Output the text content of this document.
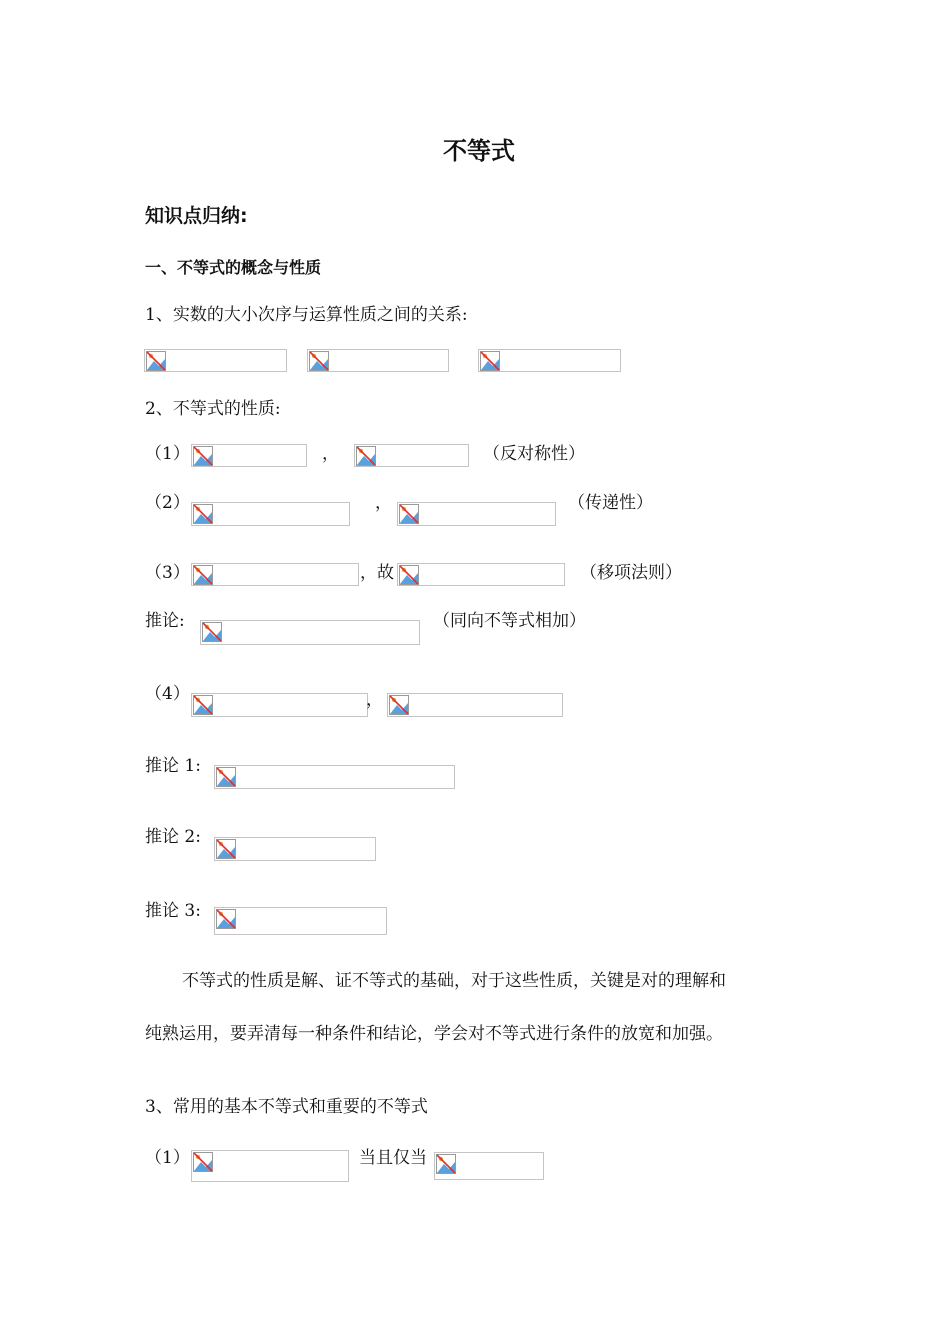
不等式
知识点归纳:
一、不等式的概念与性质
1、实数的大小次序与运算性质之间的关系:
2、不等式的性质:
（1）	，	（反对称性）
（2）	，	（传递性）
（3）	，故	（移项法则）
推论:	（同向不等式相加）
（4）	，
推论 1:
推论 2:
推论 3:
不等式的性质是解、证不等式的基础，对于这些性质，关键是对的理解和
纯熟运用，要弄清每一种条件和结论，学会对不等式进行条件的放宽和加强。
3、常用的基本不等式和重要的不等式
（1）	当且仅当
